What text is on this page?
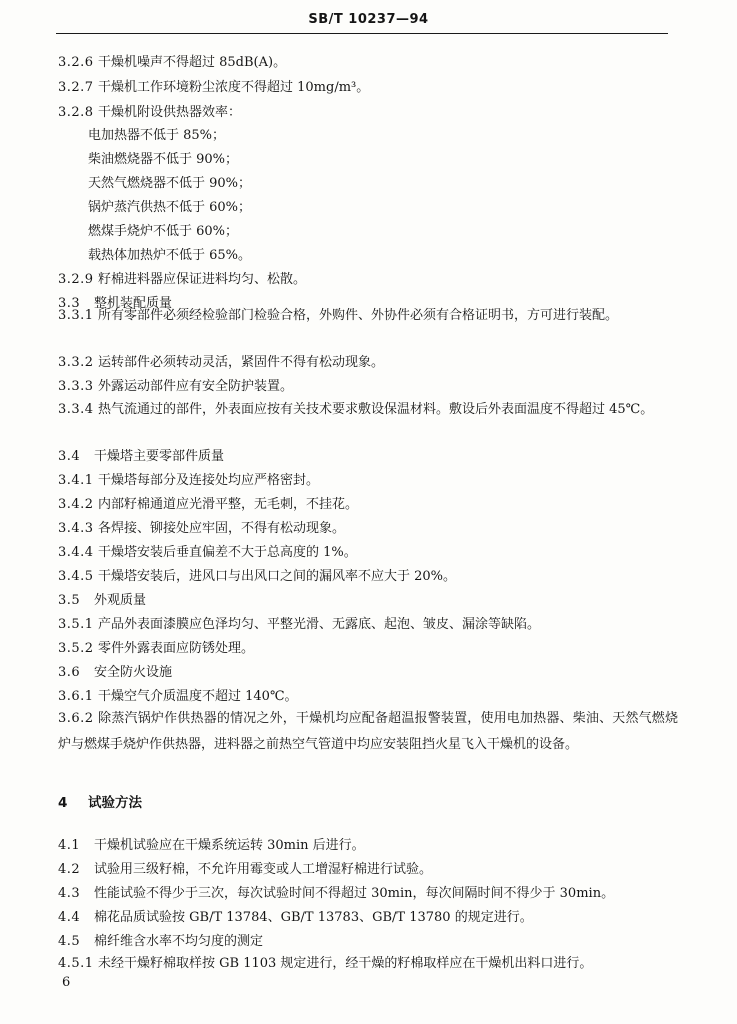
SB/T 10237—94
3.2.6 干燥机噪声不得超过 85dB(A)。
3.2.7 干燥机工作环境粉尘浓度不得超过 10mg/m³。
3.2.8 干燥机附设供热器效率：
电加热器不低于 85%；
柴油燃烧器不低于 90%；
天然气燃烧器不低于 90%；
锅炉蒸汽供热不低于 60%；
燃煤手烧炉不低于 60%；
载热体加热炉不低于 65%。
3.2.9 籽棉进料器应保证进料均匀、松散。
3.3 整机装配质量
3.3.1 所有零部件必须经检验部门检验合格，外购件、外协件必须有合格证明书，方可进行装配。
3.3.2 运转部件必须转动灵活，紧固件不得有松动现象。
3.3.3 外露运动部件应有安全防护装置。
3.3.4 热气流通过的部件，外表面应按有关技术要求敷设保温材料。敷设后外表面温度不得超过 45℃。
3.4 干燥塔主要零部件质量
3.4.1 干燥塔每部分及连接处均应严格密封。
3.4.2 内部籽棉通道应光滑平整，无毛刺，不挂花。
3.4.3 各焊接、铆接处应牢固，不得有松动现象。
3.4.4 干燥塔安装后垂直偏差不大于总高度的 1%。
3.4.5 干燥塔安装后，进风口与出风口之间的漏风率不应大于 20%。
3.5 外观质量
3.5.1 产品外表面漆膜应色泽均匀、平整光滑、无露底、起泡、皱皮、漏涂等缺陷。
3.5.2 零件外露表面应防锈处理。
3.6 安全防火设施
3.6.1 干燥空气介质温度不超过 140℃。
3.6.2 除蒸汽锅炉作供热器的情况之外，干燥机均应配备超温报警装置，使用电加热器、柴油、天然气燃烧炉与燃煤手烧炉作供热器，进料器之前热空气管道中均应安装阻挡火星飞入干燥机的设备。
4 试验方法
4.1 干燥机试验应在干燥系统运转 30min 后进行。
4.2 试验用三级籽棉，不允许用霉变或人工增湿籽棉进行试验。
4.3 性能试验不得少于三次，每次试验时间不得超过 30min，每次间隔时间不得少于 30min。
4.4 棉花品质试验按 GB/T 13784、GB/T 13783、GB/T 13780 的规定进行。
4.5 棉纤维含水率不均匀度的测定
4.5.1 未经干燥籽棉取样按 GB 1103 规定进行，经干燥的籽棉取样应在干燥机出料口进行。
6
